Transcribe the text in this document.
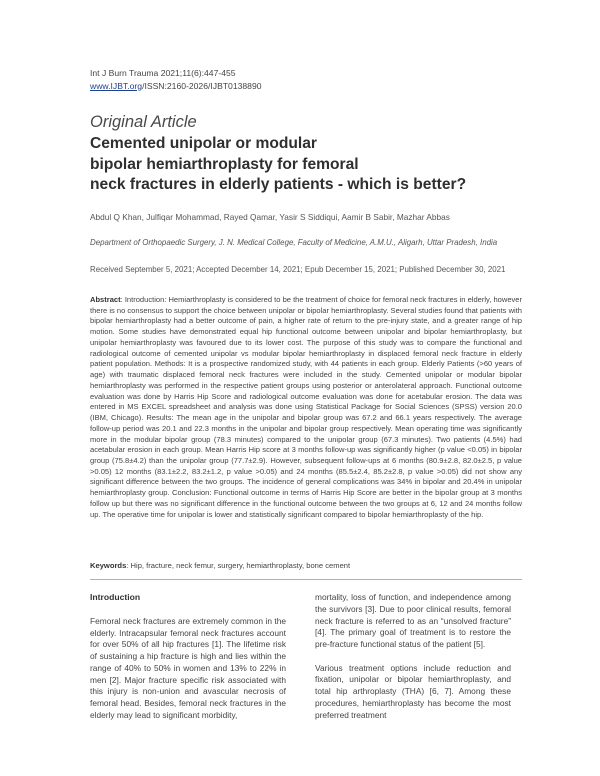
Int J Burn Trauma 2021;11(6):447-455
www.IJBT.org/ISSN:2160-2026/IJBT0138890
Original Article
Cemented unipolar or modular
bipolar hemiarthroplasty for femoral
neck fractures in elderly patients - which is better?
Abdul Q Khan, Julfiqar Mohammad, Rayed Qamar, Yasir S Siddiqui, Aamir B Sabir, Mazhar Abbas
Department of Orthopaedic Surgery, J. N. Medical College, Faculty of Medicine, A.M.U., Aligarh, Uttar Pradesh, India
Received September 5, 2021; Accepted December 14, 2021; Epub December 15, 2021; Published December 30, 2021
Abstract: Introduction: Hemiarthroplasty is considered to be the treatment of choice for femoral neck fractures in elderly, however there is no consensus to support the choice between unipolar or bipolar hemiarthroplasty. Several studies found that patients with bipolar hemiarthroplasty had a better outcome of pain, a higher rate of return to the pre-injury state, and a greater range of hip motion. Some studies have demonstrated equal hip functional outcome between unipolar and bipolar hemiarthroplasty, but unipolar hemiarthroplasty was favoured due to its lower cost. The purpose of this study was to compare the functional and radiological outcome of cemented unipolar vs modular bipolar hemiarthroplasty in displaced femoral neck fracture in elderly patient population. Methods: It is a prospective randomized study, with 44 patients in each group. Elderly Patients (>60 years of age) with traumatic displaced femoral neck fractures were included in the study. Cemented unipolar or modular bipolar hemiarthroplasty was performed in the respective patient groups using posterior or anterolateral approach. Functional outcome evaluation was done by Harris Hip Score and radiological outcome evaluation was done for acetabular erosion. The data was entered in MS EXCEL spreadsheet and analysis was done using Statistical Package for Social Sciences (SPSS) version 20.0 (IBM, Chicago). Results: The mean age in the unipolar and bipolar group was 67.2 and 66.1 years respectively. The average follow-up period was 20.1 and 22.3 months in the unipolar and bipolar group respectively. Mean operating time was significantly more in the modular bipolar group (78.3 minutes) compared to the unipolar group (67.3 minutes). Two patients (4.5%) had acetabular erosion in each group. Mean Harris Hip score at 3 months follow-up was significantly higher (p value <0.05) in bipolar group (75.8±4.2) than the unipolar group (77.7±2.9). However, subsequent follow-ups at 6 months (80.9±2.8, 82.0±2.5, p value >0.05) 12 months (83.1±2.2, 83.2±1.2, p value >0.05) and 24 months (85.5±2.4, 85.2±2.8, p value >0.05) did not show any significant difference between the two groups. The incidence of general complications was 34% in bipolar and 20.4% in unipolar hemiarthroplasty group. Conclusion: Functional outcome in terms of Harris Hip Score are better in the bipolar group at 3 months follow up but there was no significant difference in the functional outcome between the two groups at 6, 12 and 24 months follow up. The operative time for unipolar is lower and statistically significant compared to bipolar hemiarthroplasty of the hip.
Keywords: Hip, fracture, neck femur, surgery, hemiarthroplasty, bone cement
Introduction

Femoral neck fractures are extremely common in the elderly. Intracapsular femoral neck fractures account for over 50% of all hip fractures [1]. The lifetime risk of sustaining a hip fracture is high and lies within the range of 40% to 50% in women and 13% to 22% in men [2]. Major fracture specific risk associated with this injury is non-union and avascular necrosis of femoral head. Besides, femoral neck fractures in the elderly may lead to significant morbidity,

mortality, loss of function, and independence among the survivors [3]. Due to poor clinical results, femoral neck fracture is referred to as an “unsolved fracture” [4]. The primary goal of treatment is to restore the pre-fracture functional status of the patient [5].

Various treatment options include reduction and fixation, unipolar or bipolar hemiarthroplasty, and total hip arthroplasty (THA) [6, 7]. Among these procedures, hemiarthroplasty has become the most preferred treatment
